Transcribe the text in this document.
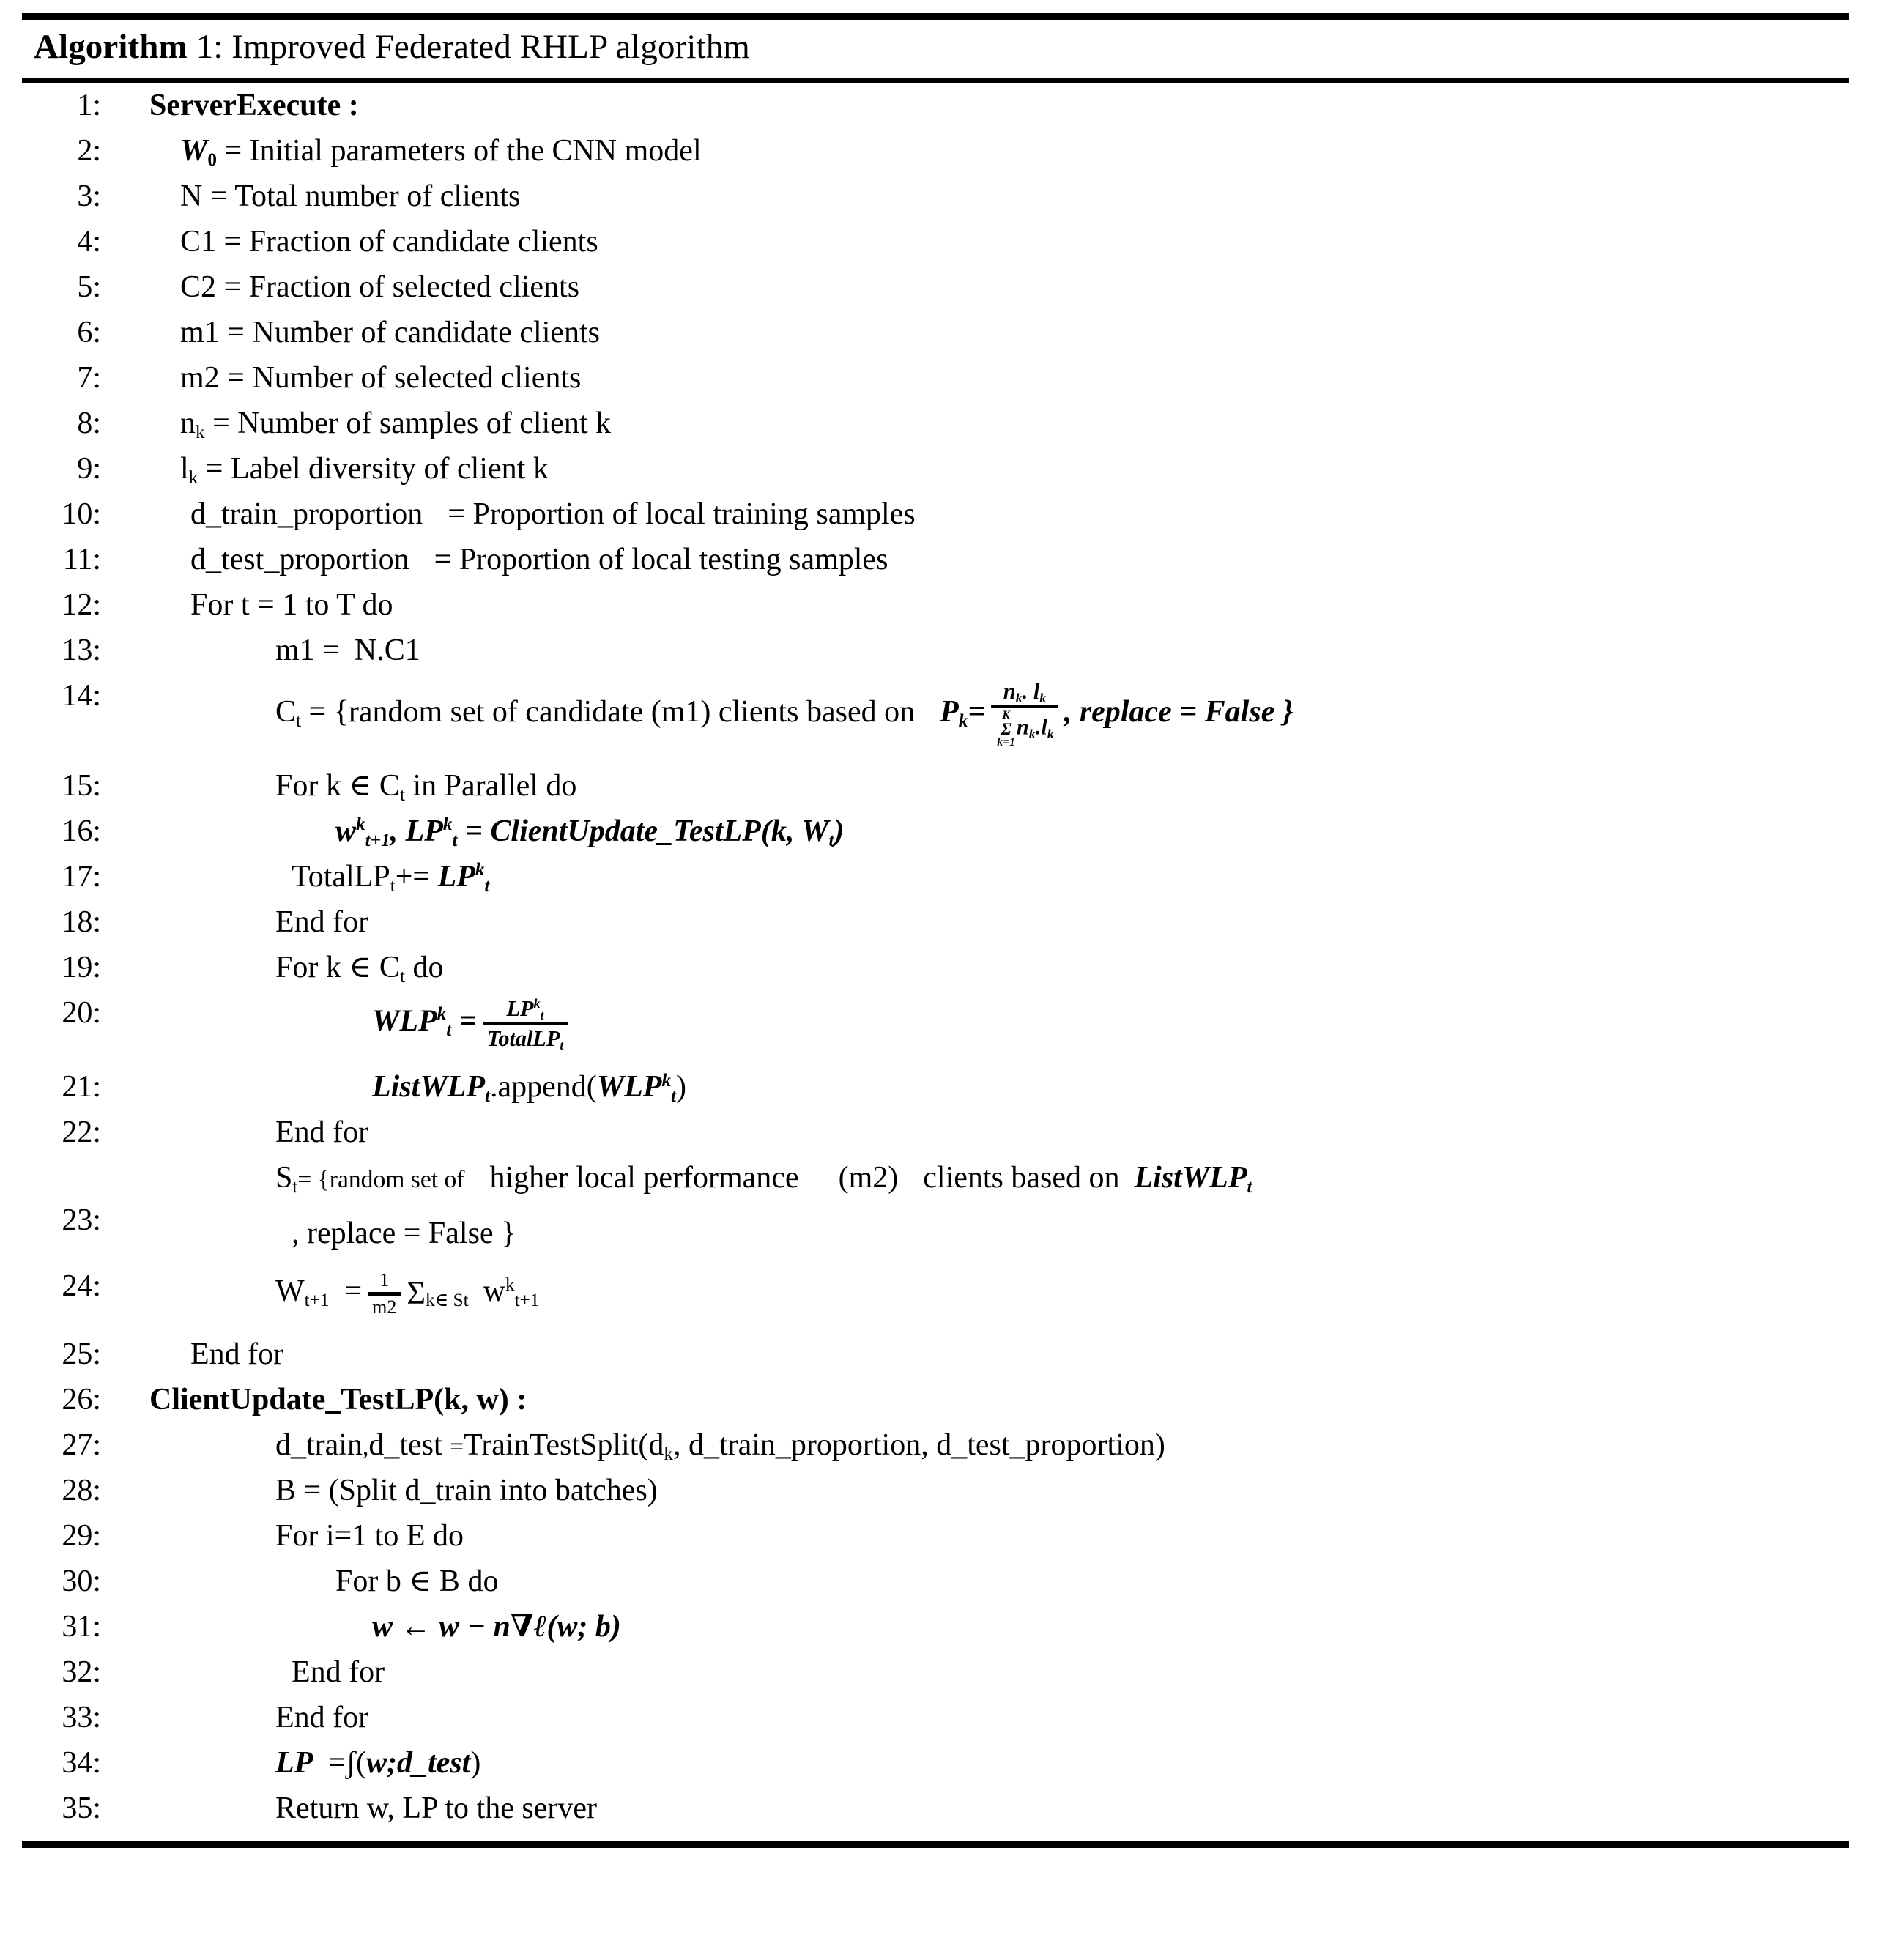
Algorithm 1: Improved Federated RHLP algorithm
1:	ServerExecute :
2:	$W_0$ = Initial parameters of the CNN model
3:	N = Total number of clients
4:	C1 = Fraction of candidate clients
5:	C2 = Fraction of selected clients
6:	m1 = Number of candidate clients
7:	m2 = Number of selected clients
8:	$n_k$ = Number of samples of client k
9:	$l_k$ = Label diversity of client k
10:	d_train_proportion = Proportion of local training samples
11:	d_test_proportion = Proportion of local testing samples
12:	For t = 1 to T do
13:	m1 = N.C1
14:	$C_t$ = {random set of candidate (m1) clients based on $P_k=$
$n_k$. $l_k$
K
Σ
k=1
$n_k.l_k$
, replace = False }
15:	For k ∈ $C_t$ in Parallel do
16:	$w^k_{t+1}$, $LP^k_t$ = ClientUpdate_TestLP(k, $W_t$)
17:	TotalLP$_t$+= $LP^k_t$
18:	End for
19:	For k ∈ $C_t$ do
20:	$WLP^k_t = LP^k_t$
TotalLP$_t$
21:	$ListWLP_t.append(WLP^k_t)$
22:	End for
23:
$S_t=$ {random set of higher local performance (m2) clients based on ListWLP$_t$
, replace = False }
24:	$W_{t+1} = 1$
m2 $\Sigma_{k\in St}$ $w^k_{t+1}$
25:	End for
26:	ClientUpdate_TestLP(k, w) :
27:	d_train,d_test $=TrainTestSplit(d_k$, d_train_proportion, d_test_proportion)
28:	B = (Split d_train into batches)
29:	For i=1 to E do
30:	For b ∈ B do
31:	w ← w − n∇ℓ(w; b)
32:	End for
33:	End for
34:	LP =ʃ(w;d_test)
35:	Return w, LP to the server
